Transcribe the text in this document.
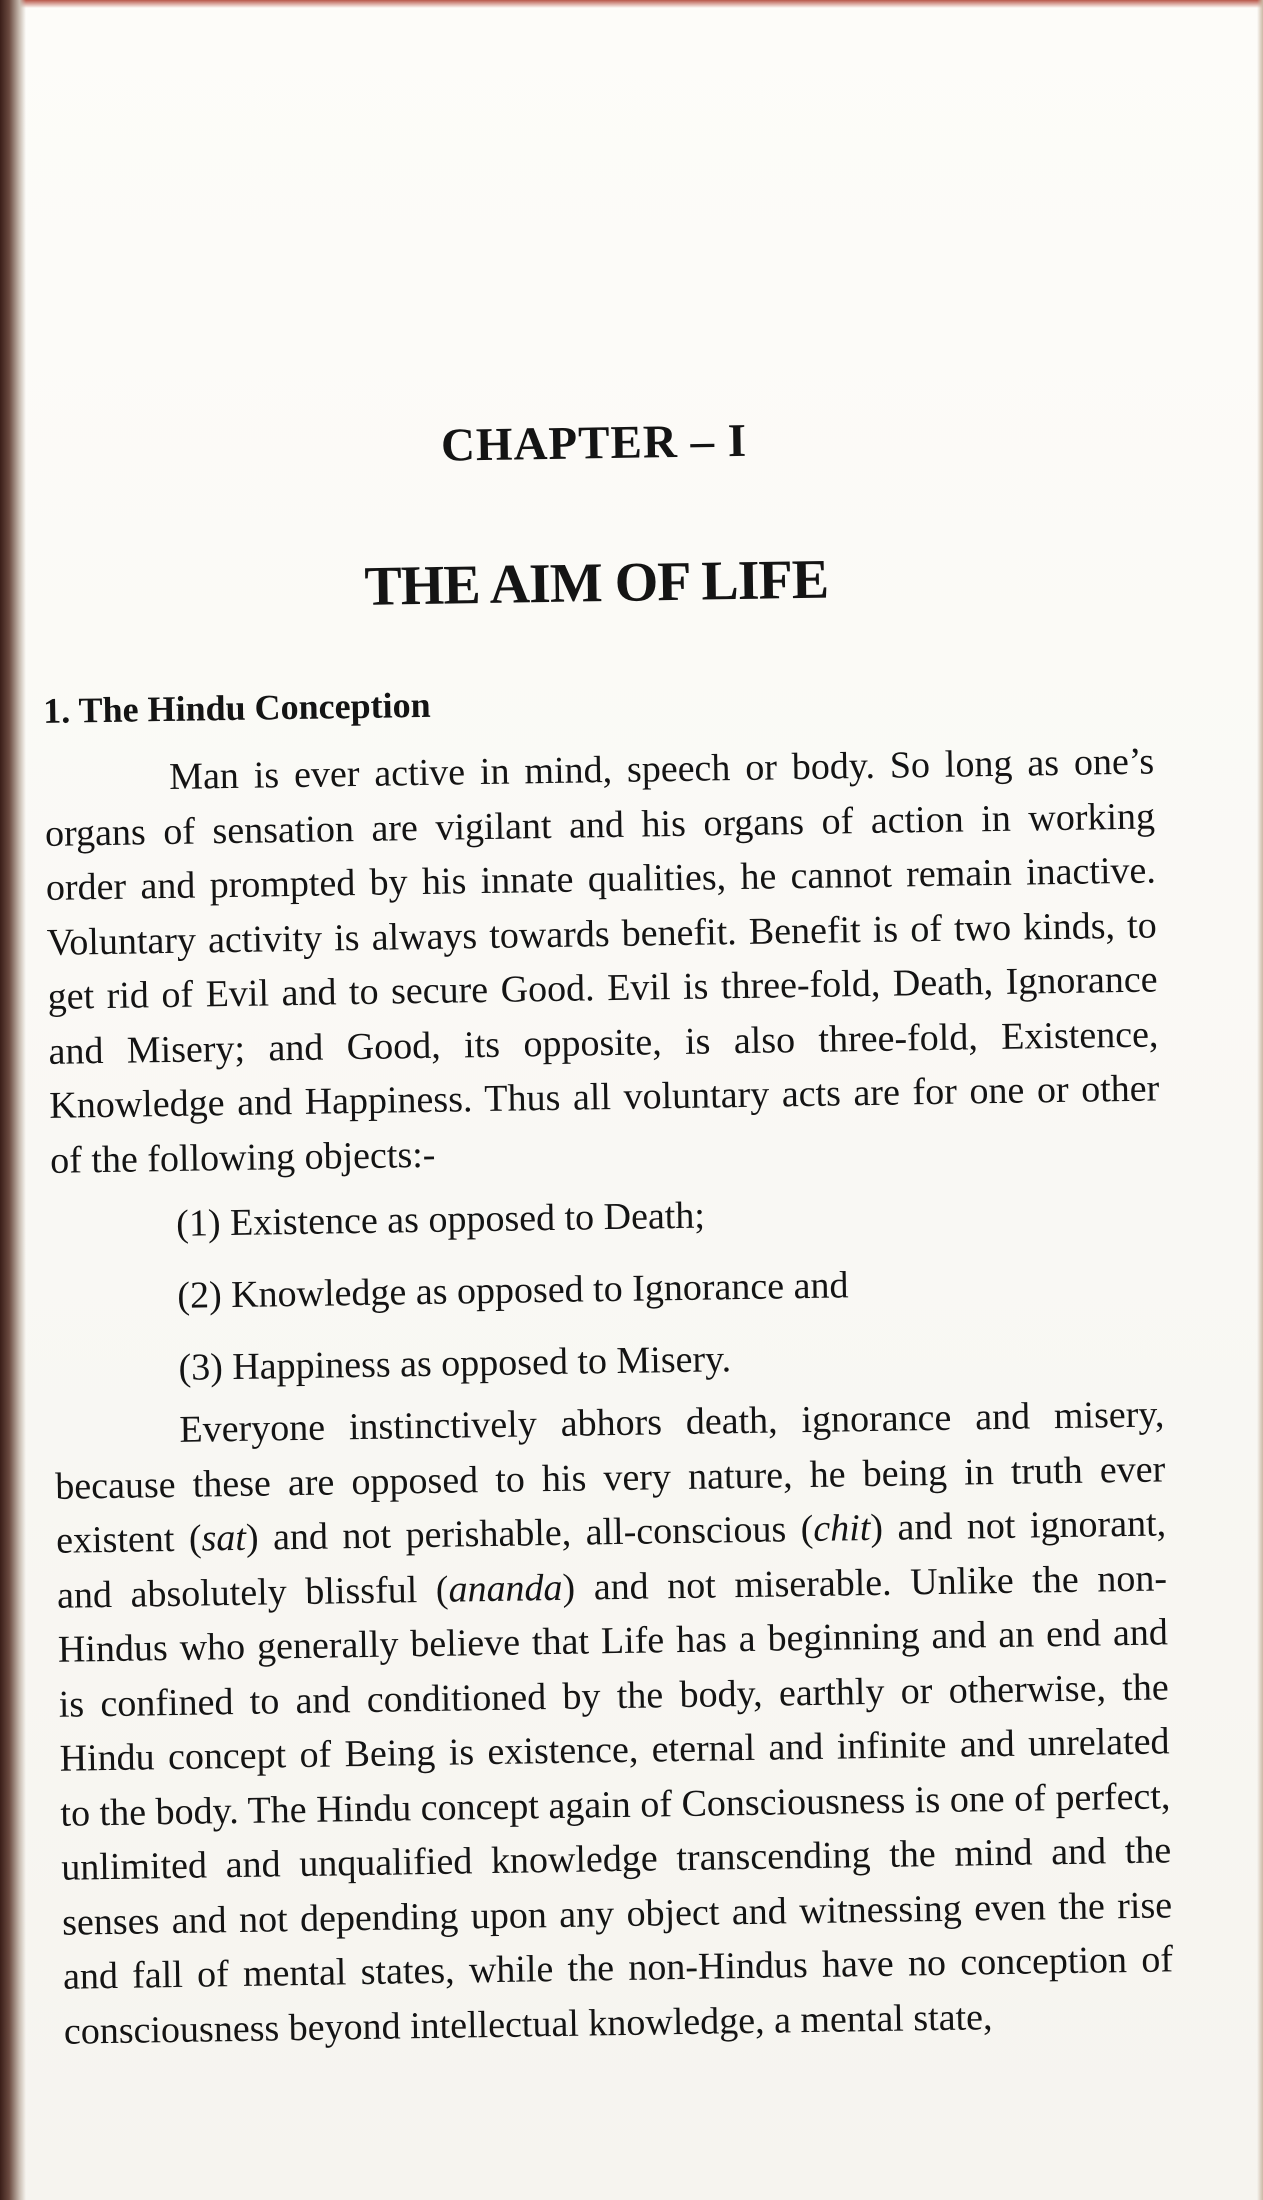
CHAPTER – I
THE AIM OF LIFE
1. The Hindu Conception

Man is ever active in mind, speech or body. So long as one’s organs of sensation are vigilant and his organs of action in working order and prompted by his innate qualities, he cannot remain inactive. Voluntary activity is always towards benefit. Benefit is of two kinds, to get rid of Evil and to secure Good. Evil is three-fold, Death, Ignorance and Misery; and Good, its opposite, is also three-fold, Existence, Knowledge and Happiness. Thus all voluntary acts are for one or other of the following objects:-

(1) Existence as opposed to Death;
(2) Knowledge as opposed to Ignorance and
(3) Happiness as opposed to Misery.

Everyone instinctively abhors death, ignorance and misery, because these are opposed to his very nature, he being in truth ever existent (sat) and not perishable, all-conscious (chit) and not ignorant, and absolutely blissful (ananda) and not miserable. Unlike the non-Hindus who generally believe that Life has a beginning and an end and is confined to and conditioned by the body, earthly or otherwise, the Hindu concept of Being is existence, eternal and infinite and unrelated to the body. The Hindu concept again of Consciousness is one of perfect, unlimited and unqualified knowledge transcending the mind and the senses and not depending upon any object and witnessing even the rise and fall of mental states, while the non-Hindus have no conception of consciousness beyond intellectual knowledge, a mental state,
